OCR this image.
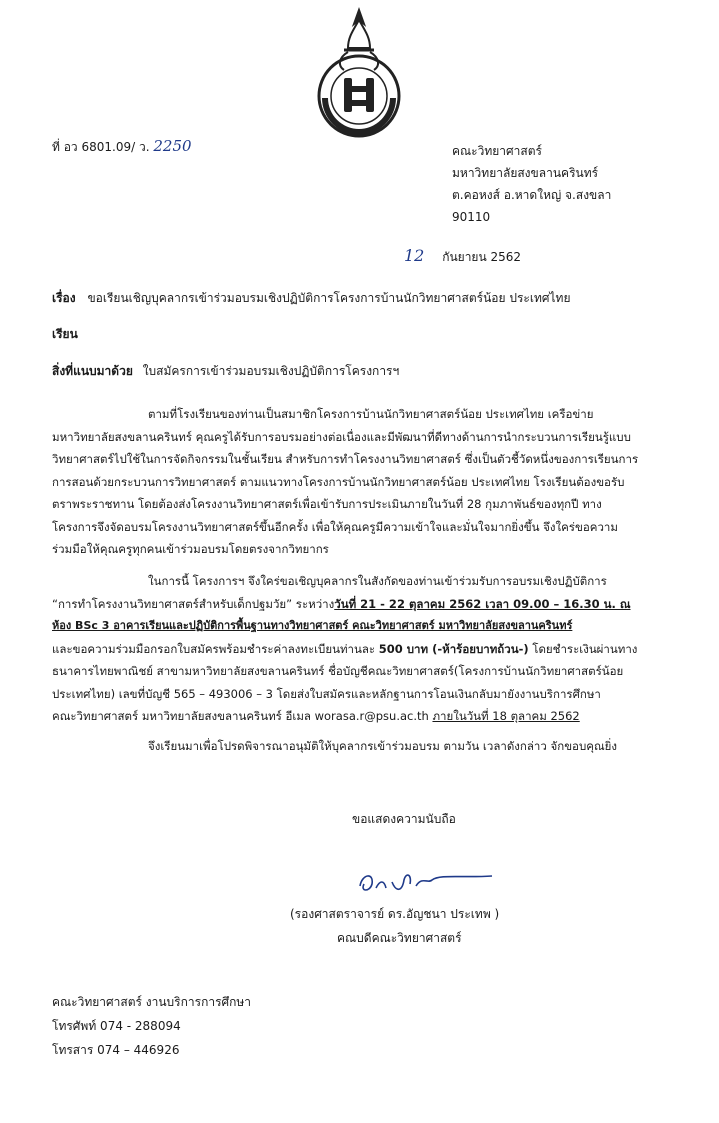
ที่ อว 6801.09/ ว. 2250	คณะวิทยาศาสตร์
มหาวิทยาลัยสงขลานครินทร์
ต.คอหงส์ อ.หาดใหญ่ จ.สงขลา
90110
12 กันยายน 2562
เรื่อง ขอเรียนเชิญบุคลากรเข้าร่วมอบรมเชิงปฏิบัติการโครงการบ้านนักวิทยาศาสตร์น้อย ประเทศไทย
เรียน
สิ่งที่แนบมาด้วย ใบสมัครการเข้าร่วมอบรมเชิงปฏิบัติการโครงการฯ
ตามที่โรงเรียนของท่านเป็นสมาชิกโครงการบ้านนักวิทยาศาสตร์น้อย ประเทศไทย เครือข่าย
มหาวิทยาลัยสงขลานครินทร์ คุณครูได้รับการอบรมอย่างต่อเนื่องและมีพัฒนาที่ดีทางด้านการนำกระบวนการเรียนรู้แบบ
วิทยาศาสตร์ไปใช้ในการจัดกิจกรรมในชั้นเรียน สำหรับการทำโครงงานวิทยาศาสตร์ ซึ่งเป็นตัวชี้วัดหนึ่งของการเรียนการ
การสอนด้วยกระบวนการวิทยาศาสตร์ ตามแนวทางโครงการบ้านนักวิทยาศาสตร์น้อย ประเทศไทย โรงเรียนต้องขอรับ
ตราพระราชทาน โดยต้องส่งโครงงานวิทยาศาสตร์เพื่อเข้ารับการประเมินภายในวันที่ 28 กุมภาพันธ์ของทุกปี ทาง
โครงการจึงจัดอบรมโครงงานวิทยาศาสตร์ขึ้นอีกครั้ง เพื่อให้คุณครูมีความเข้าใจและมั่นใจมากยิ่งขึ้น จึงใคร่ขอความ
ร่วมมือให้คุณครูทุกคนเข้าร่วมอบรมโดยตรงจากวิทยากร
ในการนี้ โครงการฯ จึงใคร่ขอเชิญบุคลากรในสังกัดของท่านเข้าร่วมรับการอบรมเชิงปฏิบัติการ
“การทำโครงงานวิทยาศาสตร์สำหรับเด็กปฐมวัย” ระหว่างวันที่ 21 - 22 ตุลาคม 2562 เวลา 09.00 – 16.30 น. ณ
ห้อง BSc 3 อาคารเรียนและปฏิบัติการพื้นฐานทางวิทยาศาสตร์ คณะวิทยาศาสตร์ มหาวิทยาลัยสงขลานครินทร์
และขอความร่วมมือกรอกใบสมัครพร้อมชำระค่าลงทะเบียนท่านละ 500 บาท (-ห้าร้อยบาทถ้วน-) โดยชำระเงินผ่านทาง
ธนาคารไทยพาณิชย์ สาขามหาวิทยาลัยสงขลานครินทร์ ชื่อบัญชีคณะวิทยาศาสตร์(โครงการบ้านนักวิทยาศาสตร์น้อย
ประเทศไทย) เลขที่บัญชี 565 – 493006 – 3 โดยส่งใบสมัครและหลักฐานการโอนเงินกลับมายังงานบริการศึกษา
คณะวิทยาศาสตร์ มหาวิทยาลัยสงขลานครินทร์ อีเมล worasa.r@psu.ac.th ภายในวันที่ 18 ตุลาคม 2562
จึงเรียนมาเพื่อโปรดพิจารณาอนุมัติให้บุคลากรเข้าร่วมอบรม ตามวัน เวลาดังกล่าว จักขอบคุณยิ่ง
ขอแสดงความนับถือ
(รองศาสตราจารย์ ดร.อัญชนา ประเทพ )
คณบดีคณะวิทยาศาสตร์
คณะวิทยาศาสตร์ งานบริการการศึกษา
โทรศัพท์ 074 - 288094
โทรสาร 074 – 446926
